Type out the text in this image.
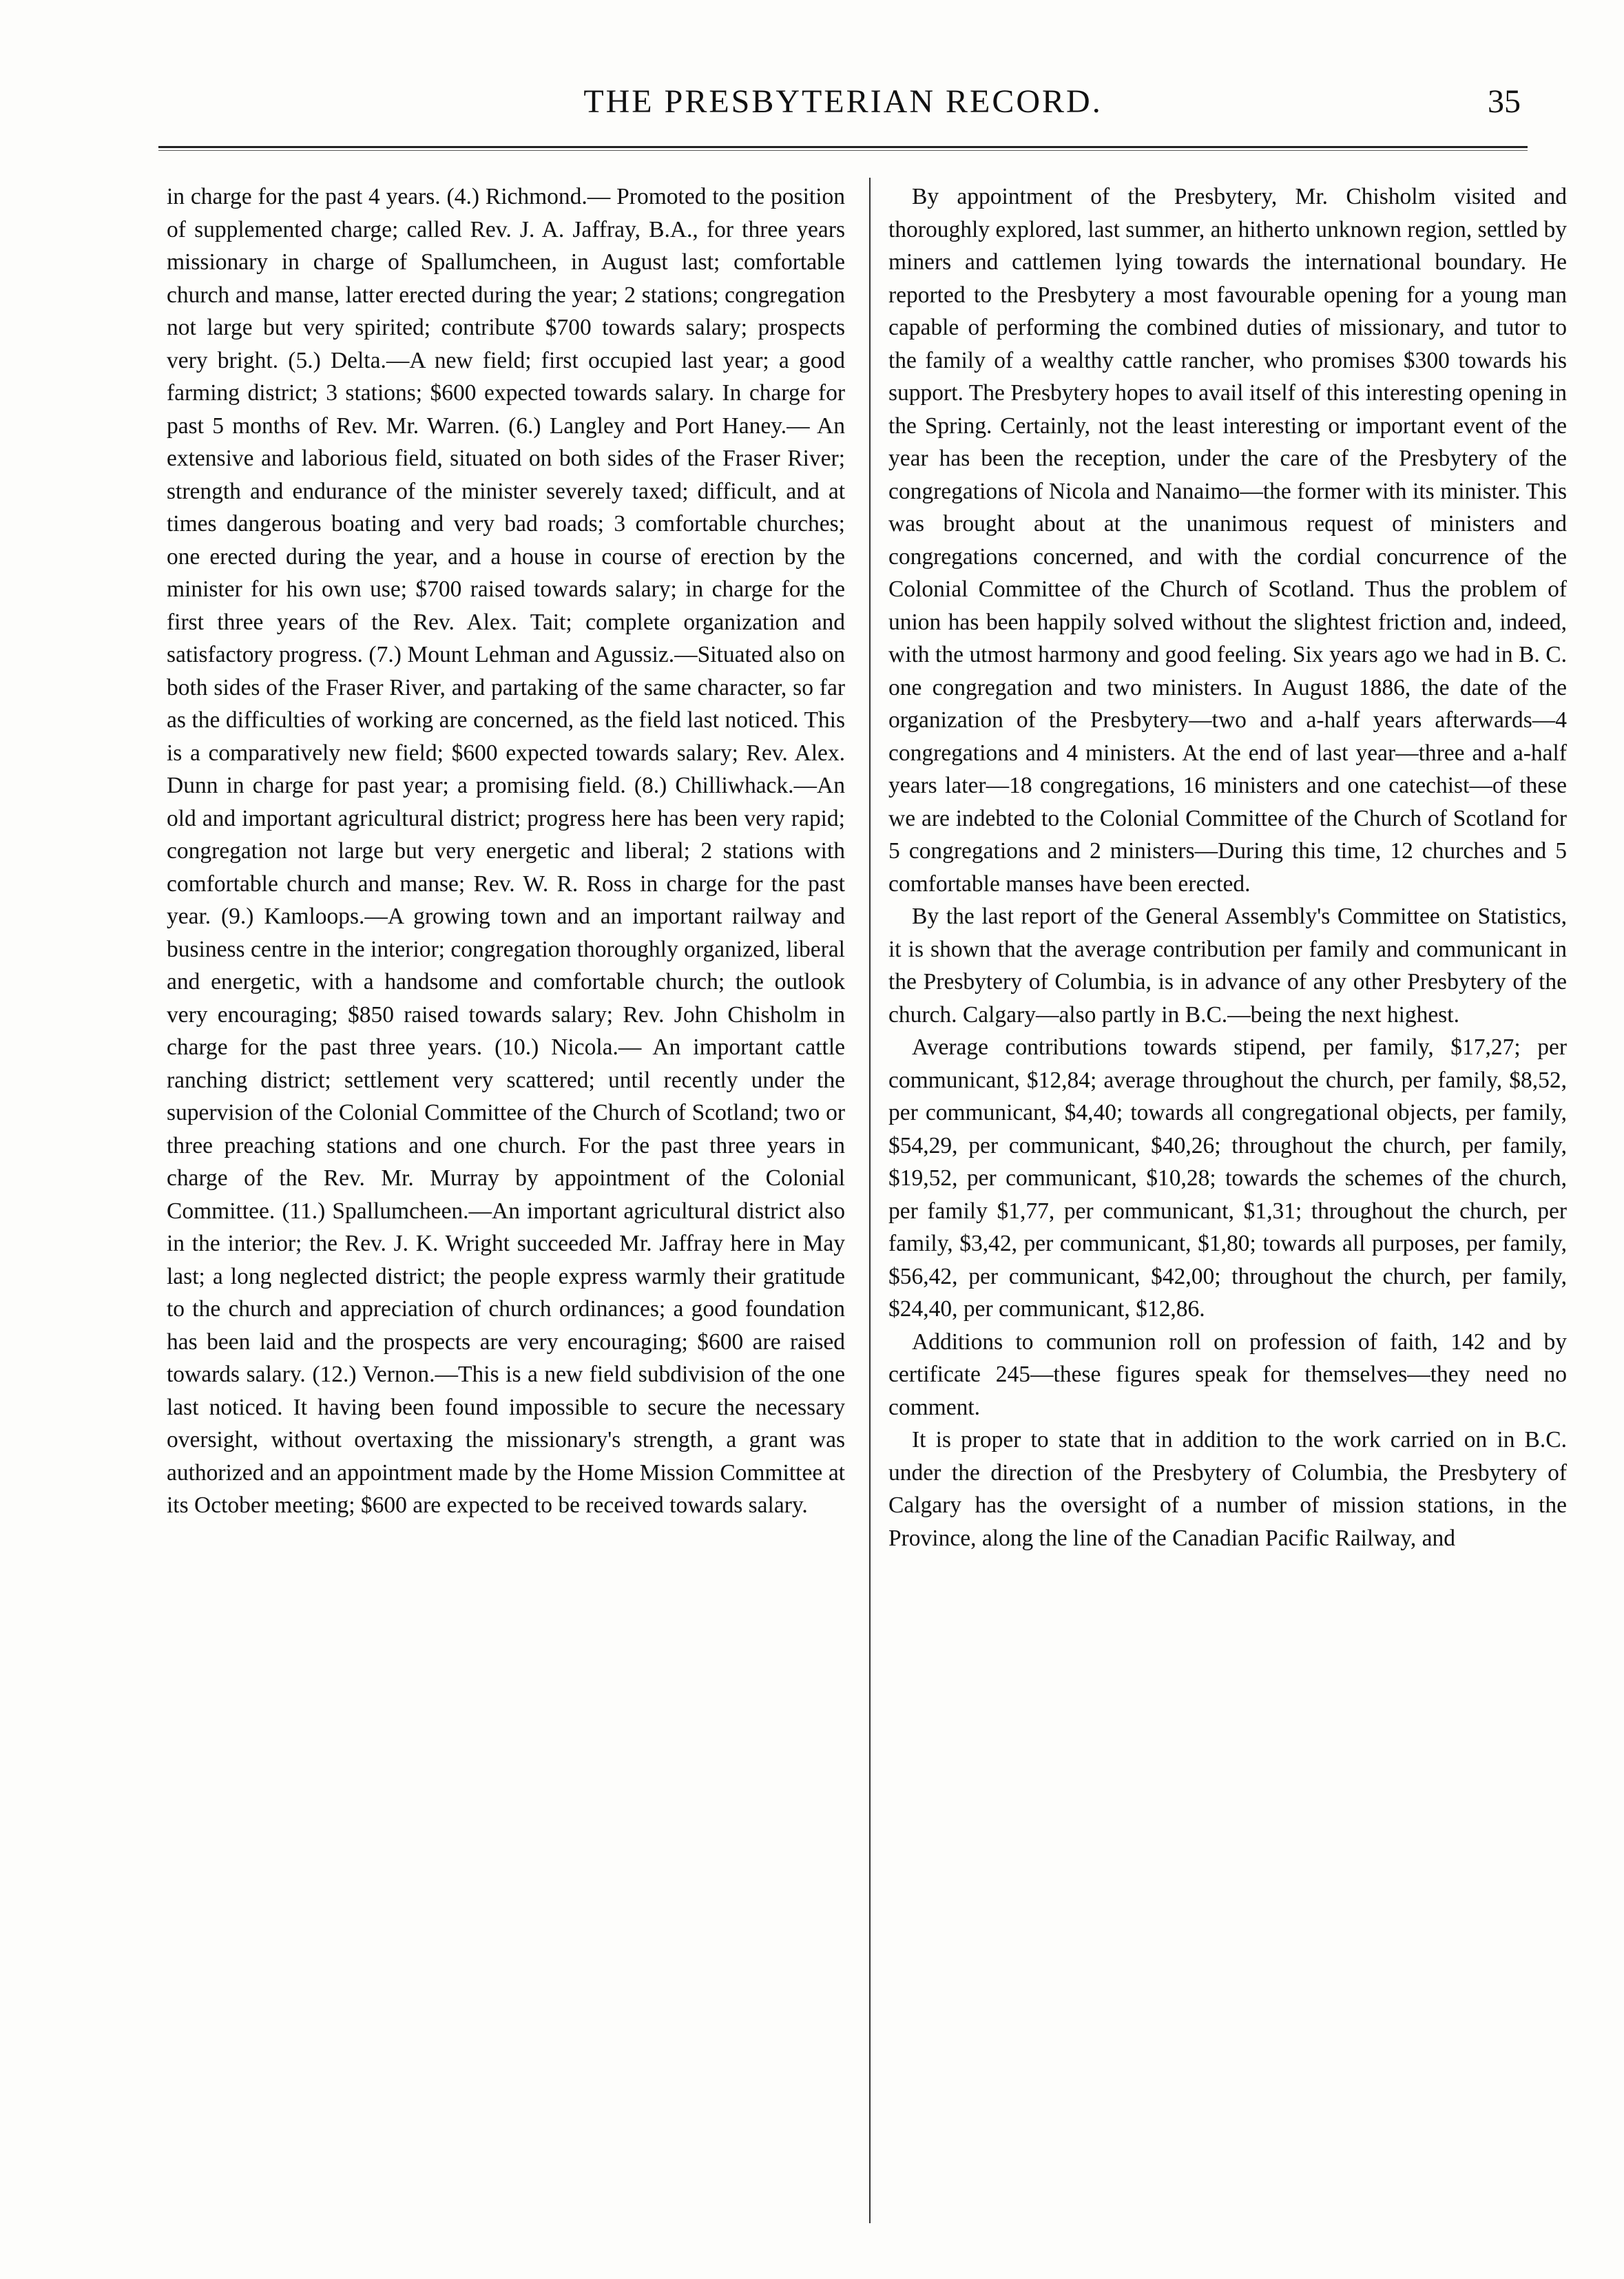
THE PRESBYTERIAN RECORD.	35

in charge for the past 4 years. (4.) Richmond.— Promoted to the position of supplemented charge; called Rev. J. A. Jaffray, B.A., for three years missionary in charge of Spallumcheen, in August last; comfortable church and manse, latter erected during the year; 2 stations; congregation not large but very spirited; contribute $700 towards salary; prospects very bright. (5.) Delta.—A new field; first occupied last year; a good farming district; 3 stations; $600 expected towards salary. In charge for past 5 months of Rev. Mr. Warren. (6.) Langley and Port Haney.— An extensive and laborious field, situated on both sides of the Fraser River; strength and endurance of the minister severely taxed; difficult, and at times dangerous boating and very bad roads; 3 comfortable churches; one erected during the year, and a house in course of erection by the minister for his own use; $700 raised towards salary; in charge for the first three years of the Rev. Alex. Tait; complete organization and satisfactory progress. (7.) Mount Lehman and Agussiz.—Situated also on both sides of the Fraser River, and partaking of the same character, so far as the difficulties of working are concerned, as the field last noticed. This is a comparatively new field; $600 expected towards salary; Rev. Alex. Dunn in charge for past year; a promising field. (8.) Chilliwhack.—An old and important agricultural district; progress here has been very rapid; congregation not large but very energetic and liberal; 2 stations with comfortable church and manse; Rev. W. R. Ross in charge for the past year. (9.) Kamloops.—A growing town and an important railway and business centre in the interior; congregation thoroughly organized, liberal and energetic, with a handsome and comfortable church; the outlook very encouraging; $850 raised towards salary; Rev. John Chisholm in charge for the past three years. (10.) Nicola.— An important cattle ranching district; settlement very scattered; until recently under the supervision of the Colonial Committee of the Church of Scotland; two or three preaching stations and one church. For the past three years in charge of the Rev. Mr. Murray by appointment of the Colonial Committee. (11.) Spallumcheen.—An important agricultural district also in the interior; the Rev. J. K. Wright succeeded Mr. Jaffray here in May last; a long neglected district; the people express warmly their gratitude to the church and appreciation of church ordinances; a good foundation has been laid and the prospects are very encouraging; $600 are raised towards salary. (12.) Vernon.—This is a new field subdivision of the one last noticed. It having been found impossible to secure the necessary oversight, without overtaxing the missionary's strength, a grant was authorized and an appointment made by the Home Mission Committee at its October meeting; $600 are expected to be received towards salary.

By appointment of the Presbytery, Mr. Chisholm visited and thoroughly explored, last summer, an hitherto unknown region, settled by miners and cattlemen lying towards the international boundary. He reported to the Presbytery a most favourable opening for a young man capable of performing the combined duties of missionary, and tutor to the family of a wealthy cattle rancher, who promises $300 towards his support. The Presbytery hopes to avail itself of this interesting opening in the Spring. Certainly, not the least interesting or important event of the year has been the reception, under the care of the Presbytery of the congregations of Nicola and Nanaimo—the former with its minister. This was brought about at the unanimous request of ministers and congregations concerned, and with the cordial concurrence of the Colonial Committee of the Church of Scotland. Thus the problem of union has been happily solved without the slightest friction and, indeed, with the utmost harmony and good feeling. Six years ago we had in B. C. one congregation and two ministers. In August 1886, the date of the organization of the Presbytery—two and a-half years afterwards—4 congregations and 4 ministers. At the end of last year—three and a-half years later—18 congregations, 16 ministers and one catechist—of these we are indebted to the Colonial Committee of the Church of Scotland for 5 congregations and 2 ministers—During this time, 12 churches and 5 comfortable manses have been erected.

By the last report of the General Assembly's Committee on Statistics, it is shown that the average contribution per family and communicant in the Presbytery of Columbia, is in advance of any other Presbytery of the church. Calgary—also partly in B.C.—being the next highest.

Average contributions towards stipend, per family, $17,27; per communicant, $12,84; average throughout the church, per family, $8,52, per communicant, $4,40; towards all congregational objects, per family, $54,29, per communicant, $40,26; throughout the church, per family, $19,52, per communicant, $10,28; towards the schemes of the church, per family $1,77, per communicant, $1,31; throughout the church, per family, $3,42, per communicant, $1,80; towards all purposes, per family, $56,42, per communicant, $42,00; throughout the church, per family, $24,40, per communicant, $12,86.

Additions to communion roll on profession of faith, 142 and by certificate 245—these figures speak for themselves—they need no comment.

It is proper to state that in addition to the work carried on in B.C. under the direction of the Presbytery of Columbia, the Presbytery of Calgary has the oversight of a number of mission stations, in the Province, along the line of the Canadian Pacific Railway, and
